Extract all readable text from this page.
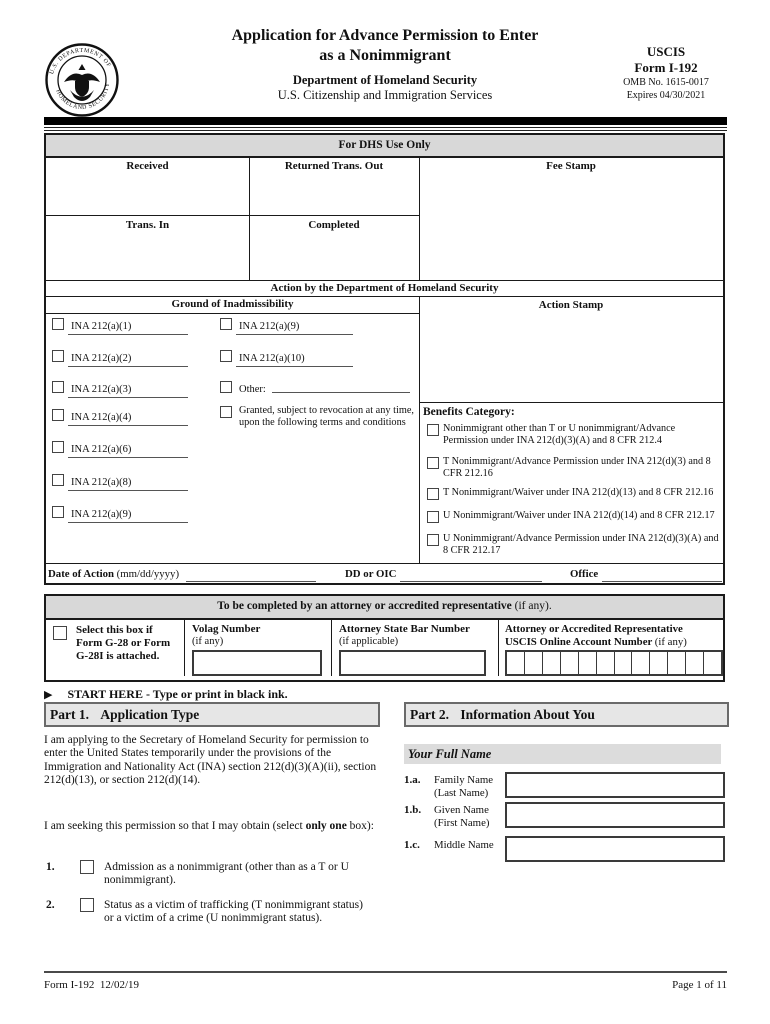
U.S. DEPARTMENT OF
HOMELAND SECURITY
Application for Advance Permission to Enter
as a Nonimmigrant
Department of Homeland Security
U.S. Citizenship and Immigration Services
USCIS
Form I-192
OMB No. 1615-0017
Expires 04/30/2021
For DHS Use Only
Received	Returned Trans. Out	Fee Stamp
Trans. In	Completed
Action by the Department of Homeland Security
Ground of Inadmissibility
INA 212(a)(1)
INA 212(a)(2)
INA 212(a)(3)
INA 212(a)(4)
INA 212(a)(6)
INA 212(a)(8)
INA 212(a)(9)
INA 212(a)(9)
INA 212(a)(10)
Other:
Granted, subject to revocation at any time, upon the following terms and conditions
Action Stamp
Benefits Category:
Nonimmigrant other than T or U nonimmigrant/Advance Permission under INA 212(d)(3)(A) and 8 CFR 212.4
T Nonimmigrant/Advance Permission under INA 212(d)(3) and 8 CFR 212.16
T Nonimmigrant/Waiver under INA 212(d)(13) and 8 CFR 212.16
U Nonimmigrant/Waiver under INA 212(d)(14) and 8 CFR 212.17
U Nonimmigrant/Advance Permission under INA 212(d)(3)(A) and 8 CFR 212.17
Date of Action (mm/dd/yyyy)	DD or OIC	Office
To be completed by an attorney or accredited representative (if any).
Select this box if Form G-28 or Form G-28I is attached.
Volag Number
(if any)
Attorney State Bar Number
(if applicable)
Attorney or Accredited Representative
USCIS Online Account Number (if any)
▶ START HERE - Type or print in black ink.
Part 1. Application Type	Part 2. Information About You
I am applying to the Secretary of Homeland Security for permission to enter the United States temporarily under the provisions of the Immigration and Nationality Act (INA) section 212(d)(3)(A)(ii), section 212(d)(13), or section 212(d)(14).
I am seeking this permission so that I may obtain (select only one box):
1.	Admission as a nonimmigrant (other than as a T or U nonimmigrant).
2.	Status as a victim of trafficking (T nonimmigrant status) or a victim of a crime (U nonimmigrant status).
Your Full Name
1.a. Family Name
(Last Name)
1.b. Given Name
(First Name)
1.c. Middle Name
Form I-192  12/02/19	Page 1 of 11
